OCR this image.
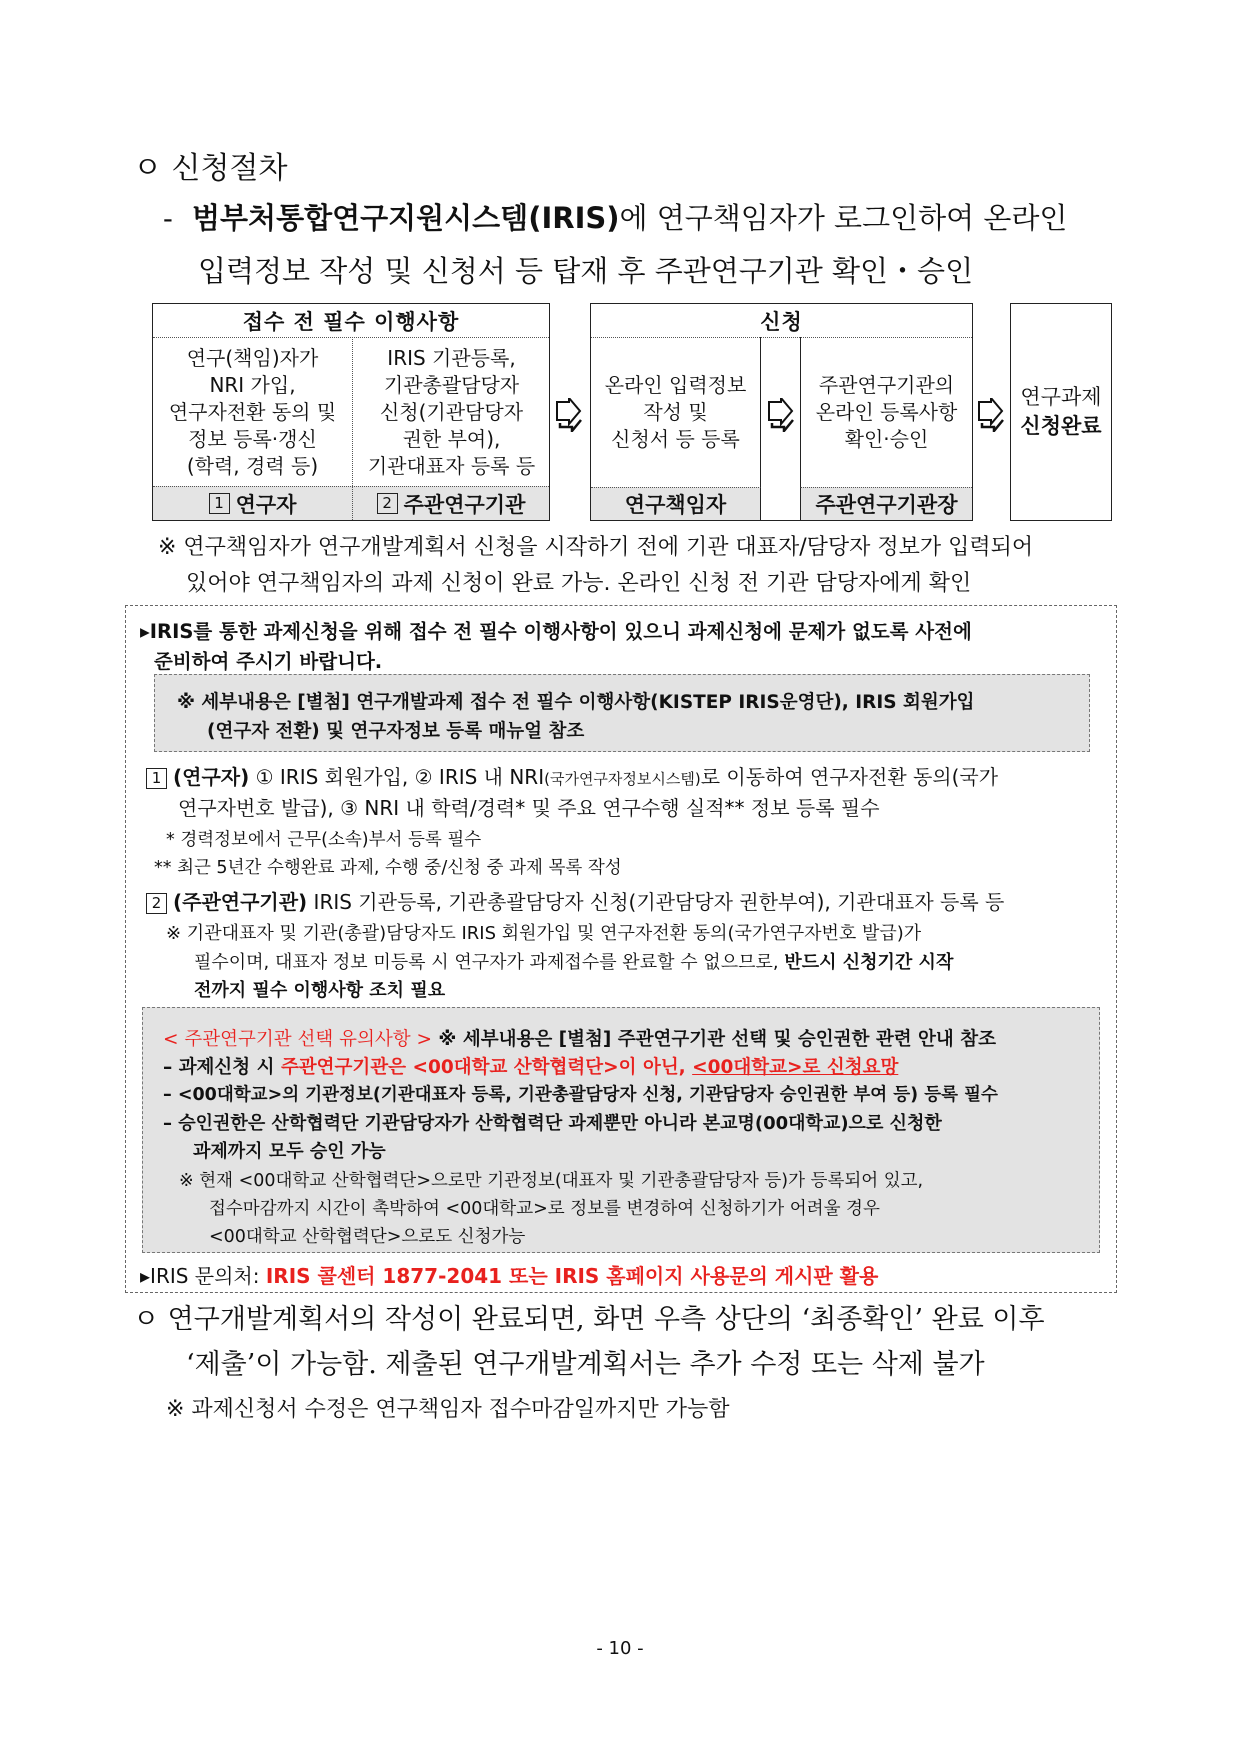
ㅇ 신청절차
- 범부처통합연구지원시스템(IRIS)에 연구책임자가 로그인하여 온라인
입력정보 작성 및 신청서 등 탑재 후 주관연구기관 확인・승인
접수 전 필수 이행사항
연구(책임)자가
NRI 가입,
연구자전환 동의 및
정보 등록·갱신
(학력, 경력 등)
IRIS 기관등록,
기관총괄담당자
신청(기관담당자
권한 부여),
기관대표자 등록 등
1 연구자	2 주관연구기관
신청
온라인 입력정보
작성 및
신청서 등 등록
주관연구기관의
온라인 등록사항
확인·승인
연구책임자	주관연구기관장
연구과제
신청완료
※ 연구책임자가 연구개발계획서 신청을 시작하기 전에 기관 대표자/담당자 정보가 입력되어
있어야 연구책임자의 과제 신청이 완료 가능. 온라인 신청 전 기관 담당자에게 확인
▸IRIS를 통한 과제신청을 위해 접수 전 필수 이행사항이 있으니 과제신청에 문제가 없도록 사전에
준비하여 주시기 바랍니다.
※ 세부내용은 [별첨] 연구개발과제 접수 전 필수 이행사항(KISTEP IRIS운영단), IRIS 회원가입
(연구자 전환) 및 연구자정보 등록 매뉴얼 참조
1 (연구자) ① IRIS 회원가입, ② IRIS 내 NRI(국가연구자정보시스템)로 이동하여 연구자전환 동의(국가
연구자번호 발급), ③ NRI 내 학력/경력* 및 주요 연구수행 실적** 정보 등록 필수
* 경력정보에서 근무(소속)부서 등록 필수
** 최근 5년간 수행완료 과제, 수행 중/신청 중 과제 목록 작성
2 (주관연구기관) IRIS 기관등록, 기관총괄담당자 신청(기관담당자 권한부여), 기관대표자 등록 등
※ 기관대표자 및 기관(총괄)담당자도 IRIS 회원가입 및 연구자전환 동의(국가연구자번호 발급)가
필수이며, 대표자 정보 미등록 시 연구자가 과제접수를 완료할 수 없으므로, 반드시 신청기간 시작
전까지 필수 이행사항 조치 필요
< 주관연구기관 선택 유의사항 > ※ 세부내용은 [별첨] 주관연구기관 선택 및 승인권한 관련 안내 참조
– 과제신청 시 주관연구기관은 <00대학교 산학협력단>이 아닌, <00대학교>로 신청요망
– <00대학교>의 기관정보(기관대표자 등록, 기관총괄담당자 신청, 기관담당자 승인권한 부여 등) 등록 필수
– 승인권한은 산학협력단 기관담당자가 산학협력단 과제뿐만 아니라 본교명(00대학교)으로 신청한
과제까지 모두 승인 가능
※ 현재 <00대학교 산학협력단>으로만 기관정보(대표자 및 기관총괄담당자 등)가 등록되어 있고,
접수마감까지 시간이 촉박하여 <00대학교>로 정보를 변경하여 신청하기가 어려울 경우
<00대학교 산학협력단>으로도 신청가능
▸IRIS 문의처: IRIS 콜센터 1877-2041 또는 IRIS 홈페이지 사용문의 게시판 활용
ㅇ 연구개발계획서의 작성이 완료되면, 화면 우측 상단의 ‘최종확인’ 완료 이후
‘제출’이 가능함. 제출된 연구개발계획서는 추가 수정 또는 삭제 불가
※ 과제신청서 수정은 연구책임자 접수마감일까지만 가능함
- 10 -
